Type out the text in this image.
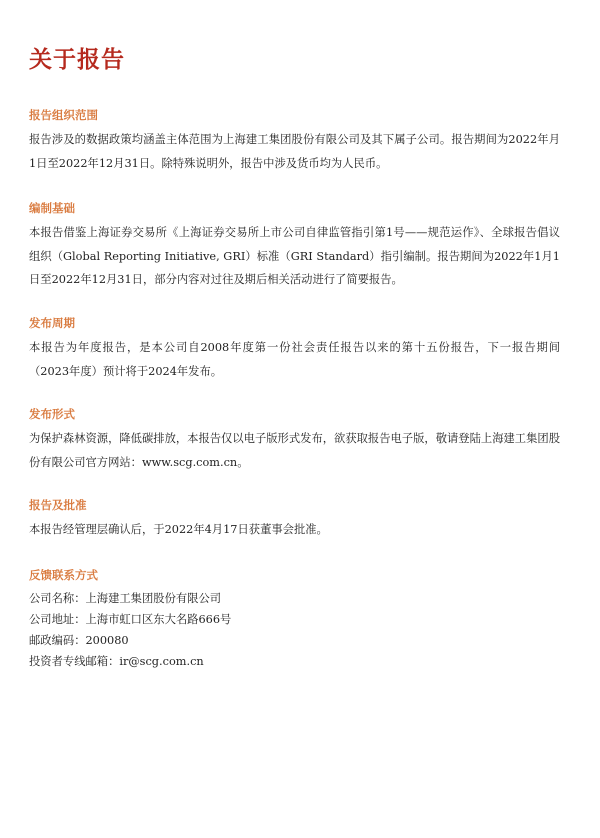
关于报告
报告组织范围

报告涉及的数据政策均涵盖主体范围为上海建工集团股份有限公司及其下属子公司。报告期间为2022年月1日至2022年12月31日。除特殊说明外，报告中涉及货币均为人民币。

编制基础

本报告借鉴上海证券交易所《上海证券交易所上市公司自律监管指引第1号——规范运作》、全球报告倡议组织（Global Reporting Initiative, GRI）标准（GRI Standard）指引编制。报告期间为2022年1月1日至2022年12月31日，部分内容对过往及期后相关活动进行了简要报告。

发布周期

本报告为年度报告，是本公司自2008年度第一份社会责任报告以来的第十五份报告，下一报告期间（2023年度）预计将于2024年发布。

发布形式

为保护森林资源，降低碳排放，本报告仅以电子版形式发布，欲获取报告电子版，敬请登陆上海建工集团股份有限公司官方网站：www.scg.com.cn。

报告及批准

本报告经管理层确认后，于2022年4月17日获董事会批准。

反馈联系方式

公司名称：上海建工集团股份有限公司

公司地址：上海市虹口区东大名路666号

邮政编码：200080

投资者专线邮箱：ir@scg.com.cn
